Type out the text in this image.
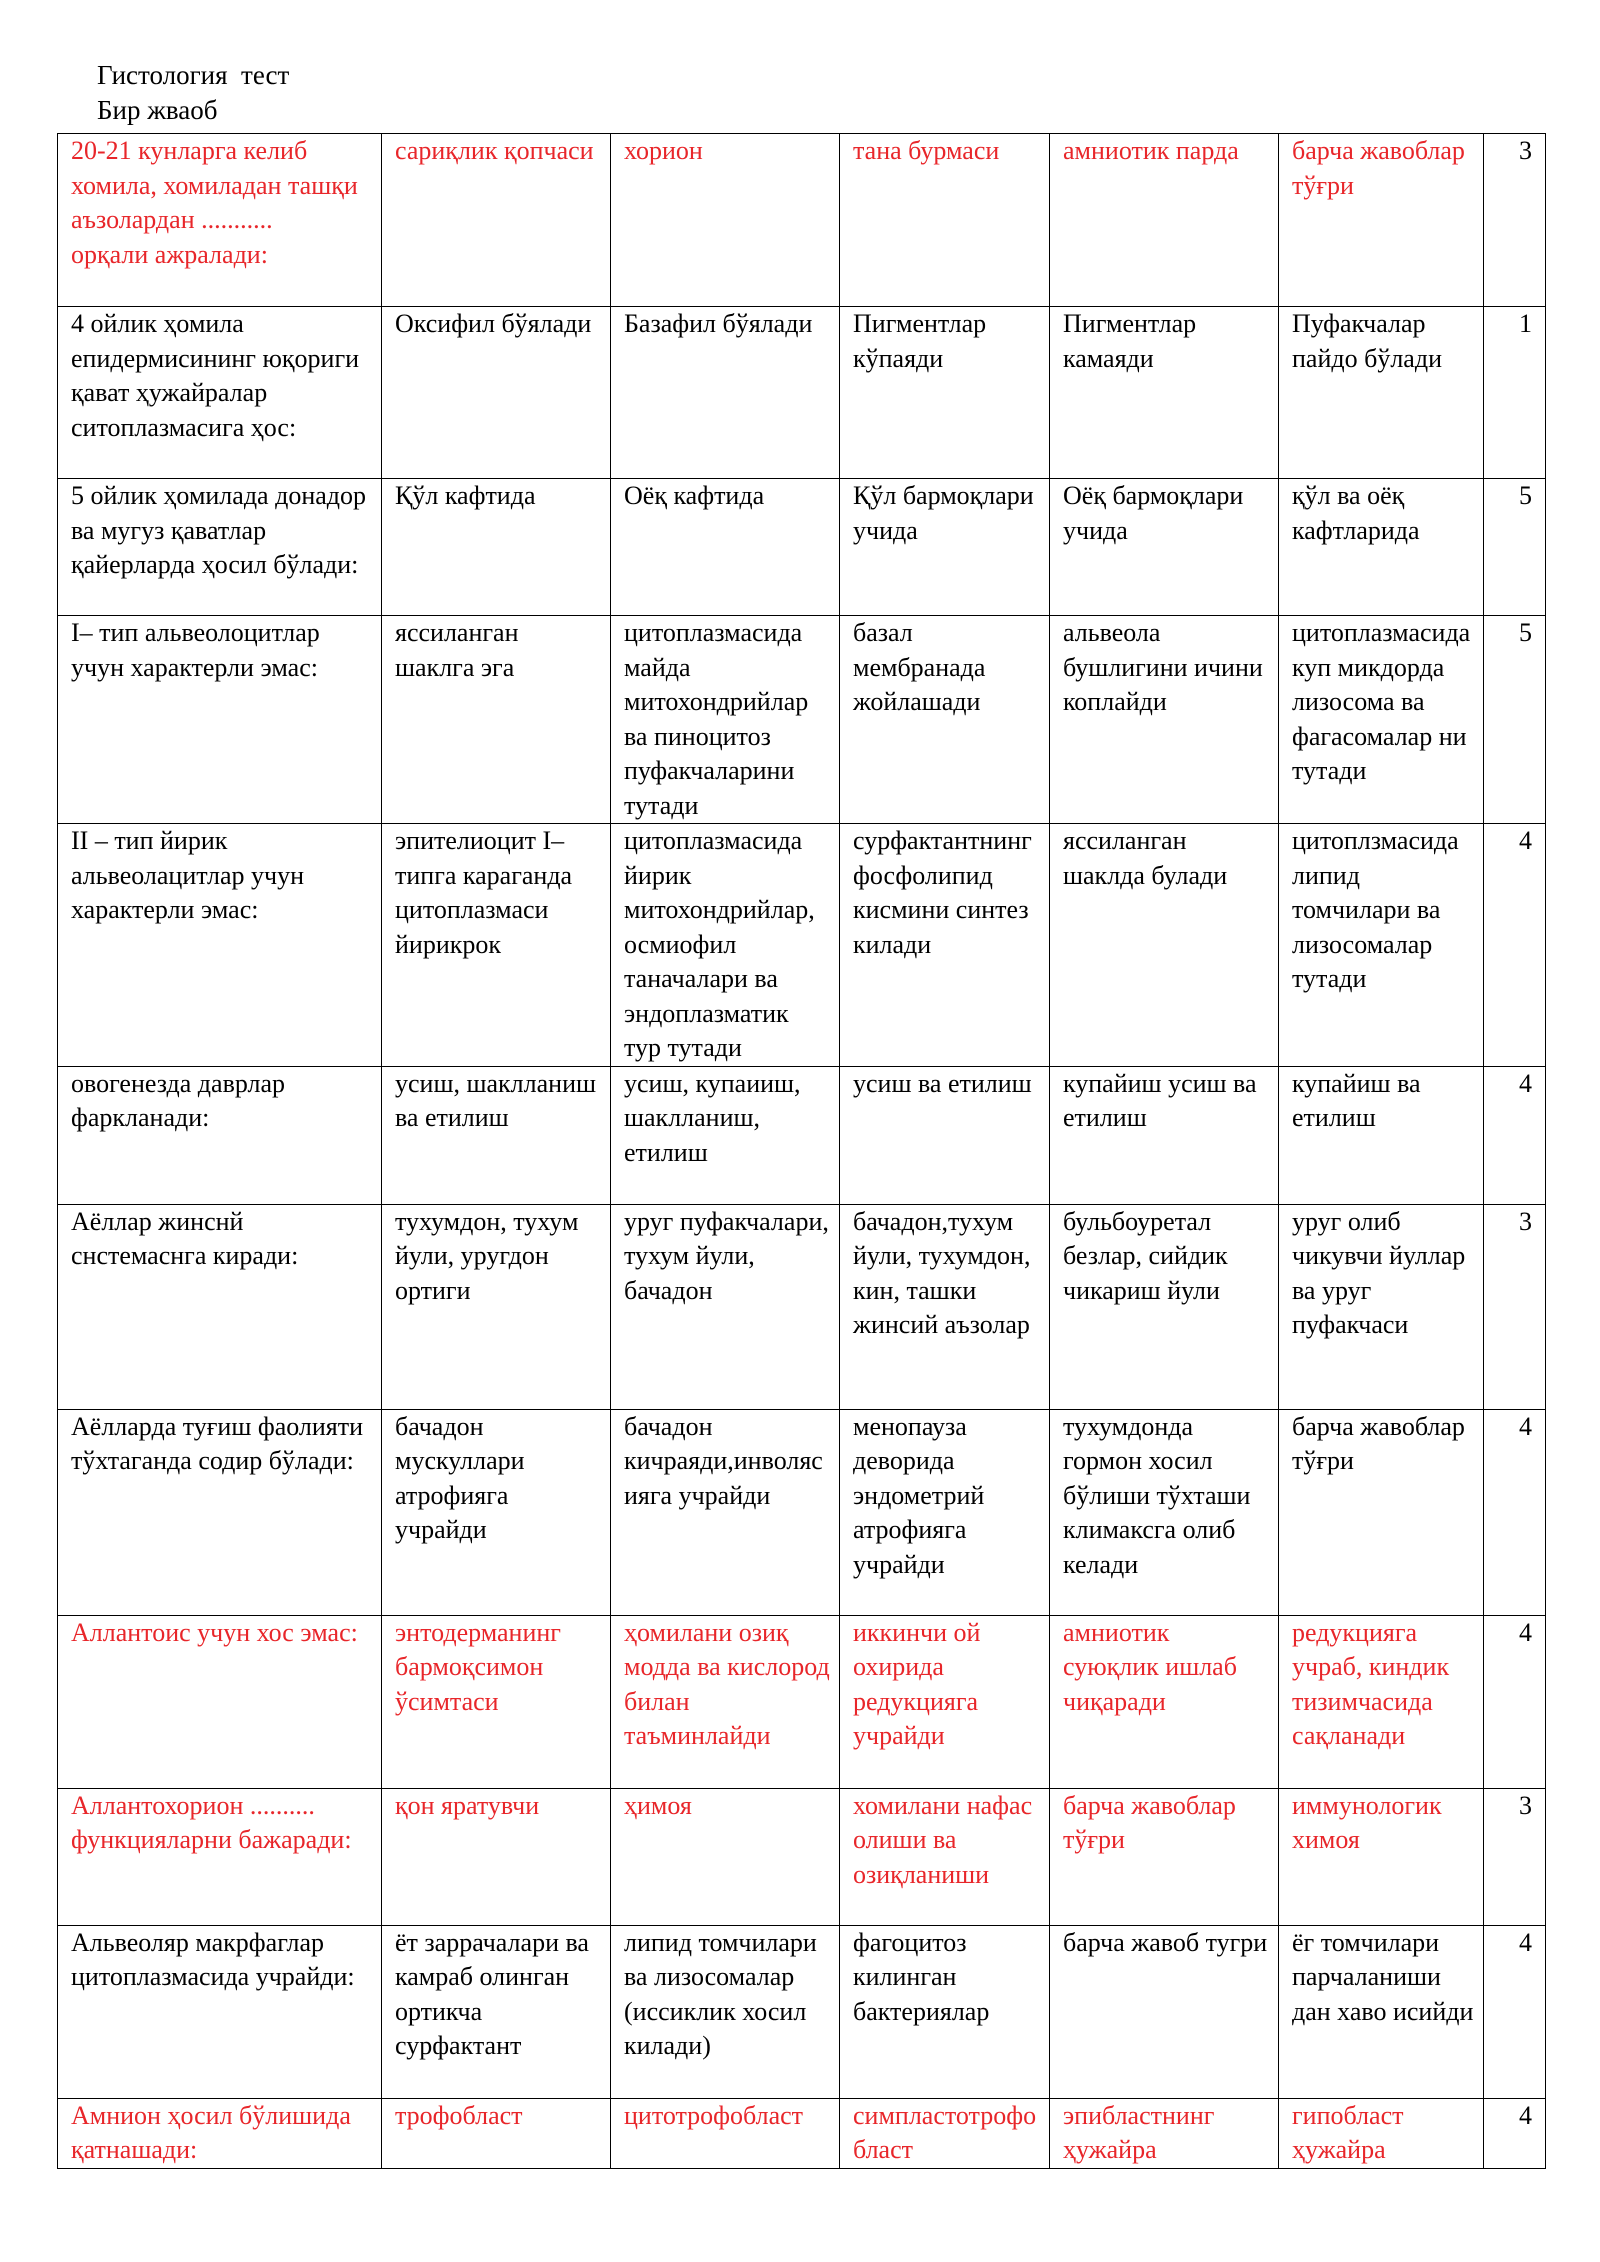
Гистология  тест
Бир жваоб
20-21 кунларга келиб хомила, хомиладан ташқи
аъзолардан ...........
орқали ажралади:	сариқлик қопчаси	хорион	тана бурмаси	амниотик парда	барча жавоблар тўғри	3
4 ойлик ҳомила епидермисининг юқориги қават ҳужайралар ситоплазмасига ҳос:	Оксифил бўялади	Базафил бўялади	Пигментлар кўпаяди	Пигментлар камаяди	Пуфакчалар пайдо бўлади	1
5 ойлик ҳомилада донадор ва мугуз қаватлар қайерларда ҳосил бўлади:	Қўл кафтида	Оёқ кафтида	Қўл бармоқлари учида	Оёқ бармоқлари учида	қўл ва оёқ кафтларида	5
I– тип альвеолоцитлар учун характерли эмас:	яссиланган шаклга эга	цитоплазмасида майда митохондрийлар ва пиноцитоз пуфакчаларини тутади	базал мембранада жойлашади	альвеола бушлигини ичини коплайди	цитоплазмасида куп микдорда лизосома ва фагасомалар ни тутади	5
II – тип йирик альвеолацитлар учун характерли эмас:	эпителиоцит I– типга караганда цитоплазмаси йирикрок	цитоплазмасида йирик митохондрийлар, осмиофил таначалари ва эндоплазматик тур тутади	сурфактантнинг фосфолипид кисмини синтез килади	яссиланган шаклда булади	цитоплзмасида липид томчилари ва лизосомалар тутади	4
овогенезда даврлар фаркланади:	усиш, шаклланиш ва етилиш	усиш, купаииш, шаклланиш, етилиш	усиш ва етилиш	купайиш усиш ва етилиш	купайиш ва етилиш	4
Аёллар жинснй снстемаснга киради:	тухумдон, тухум йули, уругдон ортиги	уруг пуфакчалари, тухум йули, бачадон	бачадон,тухум йули, тухумдон, кин, ташки жинсий аъзолар	бульбоуретал безлар, сийдик чикариш йули	уруг олиб чикувчи йуллар ва уруг пуфакчаси	3
Аёлларда туғиш фаолияти тўхтаганда содир бўлади:	бачадон мускуллари атрофияга учрайди	бачадон кичраяди,инволясияга учрайди	менопауза деворида эндометрий атрофияга учрайди	тухумдонда гормон хосил бўлиши тўхташи климаксга олиб келади	барча жавоблар тўғри	4
Аллантоис учун хос эмас:	энтодерманинг бармоқсимон ўсимтаси	ҳомилани озиқ модда ва кислород билан таъминлайди	иккинчи ой охирида редукцияга учрайди	амниотик суюқлик ишлаб чиқаради	редукцияга учраб, киндик тизимчасида сақланади	4
Аллантохорион .......... функцияларни бажаради:	қон яратувчи	ҳимоя	хомилани нафас олиши ва озиқланиши	барча жавоблар тўғри	иммунологик химоя	3
Альвеоляр макрфаглар цитоплазмасида учрайди:	ёт заррачалари ва камраб олинган ортикча сурфактант	липид томчилари ва лизосомалар (иссиклик хосил килади)	фагоцитоз килинган бактериялар	барча жавоб тугри	ёг томчилари парчаланиши дан хаво исийди	4
Амнион ҳосил бўлишида қатнашади:	трофобласт	цитотрофобласт	симпластотрофобласт	эпибластнинг ҳужайра	гипобласт ҳужайра	4
